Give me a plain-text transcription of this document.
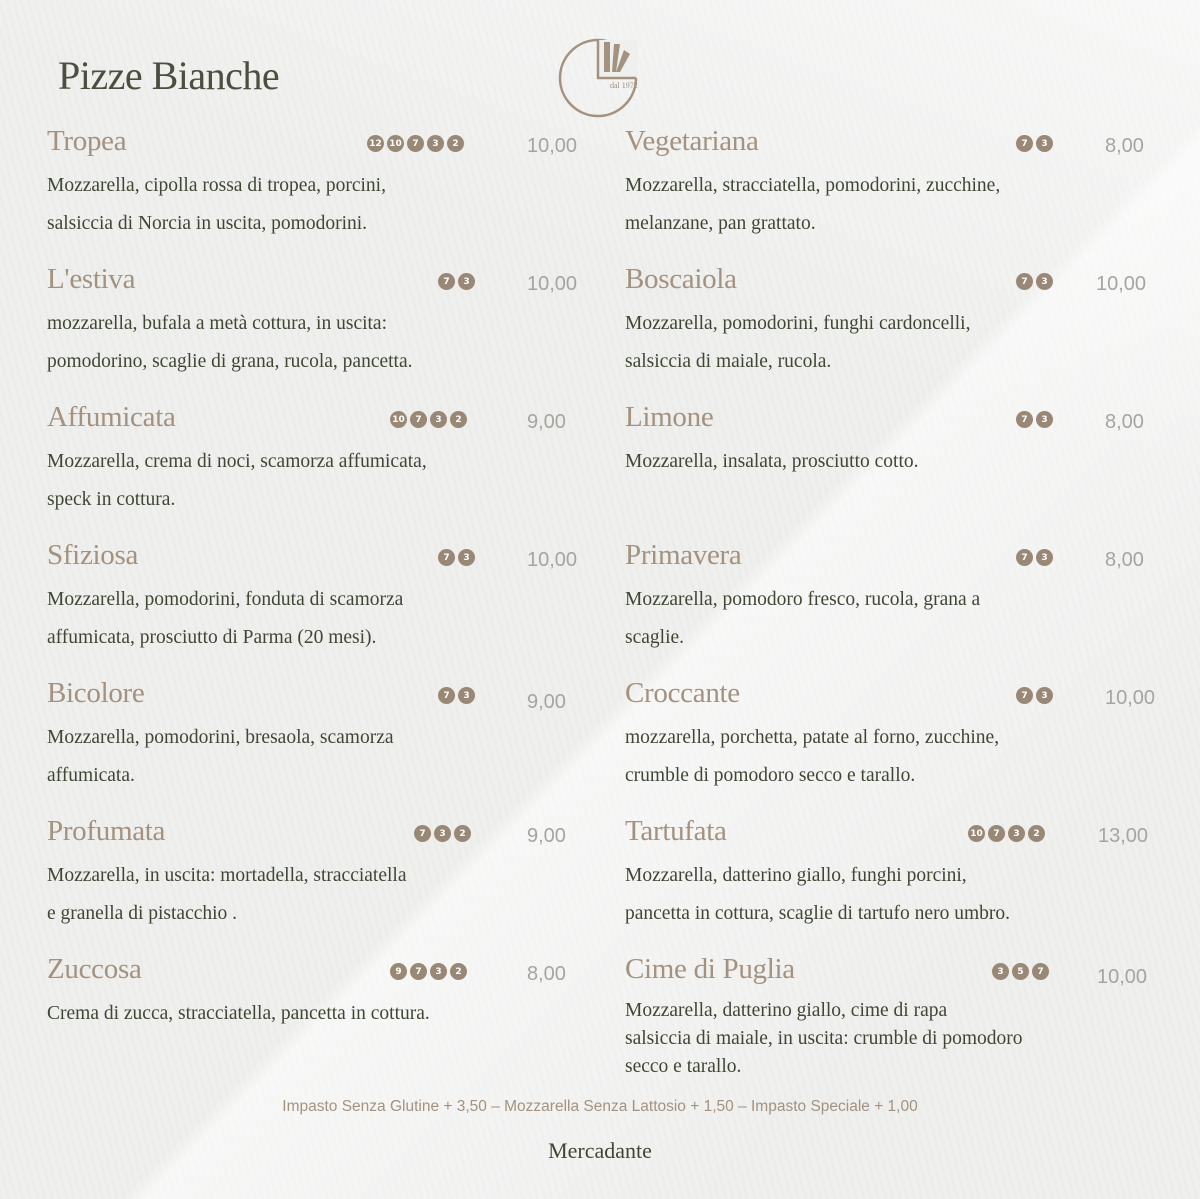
Pizze Bianche	dal 1972
Tropea	12 10	7	3	2	10,00
Mozzarella, cipolla rossa di tropea, porcini,
salsiccia di Norcia in uscita, pomodorini.
L'estiva	7	3	10,00
mozzarella, bufala a metà cottura, in uscita:
pomodorino, scaglie di grana, rucola, pancetta.
Affumicata	10	7	3	2	9,00
Mozzarella, crema di noci, scamorza affumicata,
speck in cottura.
Sfiziosa	7	3	10,00
Mozzarella, pomodorini, fonduta di scamorza
affumicata, prosciutto di Parma (20 mesi).
Bicolore	7	3	9,00
Mozzarella, pomodorini, bresaola, scamorza
affumicata.
Profumata	7	3	2	9,00
Mozzarella, in uscita: mortadella, stracciatella
e granella di pistacchio .
Zuccosa	9	7	3	2	8,00
Crema di zucca, stracciatella, pancetta in cottura.
Vegetariana	7	3	8,00
Mozzarella, stracciatella, pomodorini, zucchine,
melanzane, pan grattato.
Boscaiola	7	3 10,00
Mozzarella, pomodorini, funghi cardoncelli,
salsiccia di maiale, rucola.
Limone	7	3	8,00
Mozzarella, insalata, prosciutto cotto.
Primavera	7	3	8,00
Mozzarella, pomodoro fresco, rucola, grana a
scaglie.
Croccante	7	3	10,00
mozzarella, porchetta, patate al forno, zucchine,
crumble di pomodoro secco e tarallo.
Tartufata	10	7	3	2	13,00
Mozzarella, datterino giallo, funghi porcini,
pancetta in cottura, scaglie di tartufo nero umbro.
Cime di Puglia	3	5	7	10,00
Mozzarella, datterino giallo, cime di rapa
salsiccia di maiale, in uscita: crumble di pomodoro
secco e tarallo.
Impasto Senza Glutine + 3,50 – Mozzarella Senza Lattosio + 1,50 – Impasto Speciale + 1,00
Mercadante
